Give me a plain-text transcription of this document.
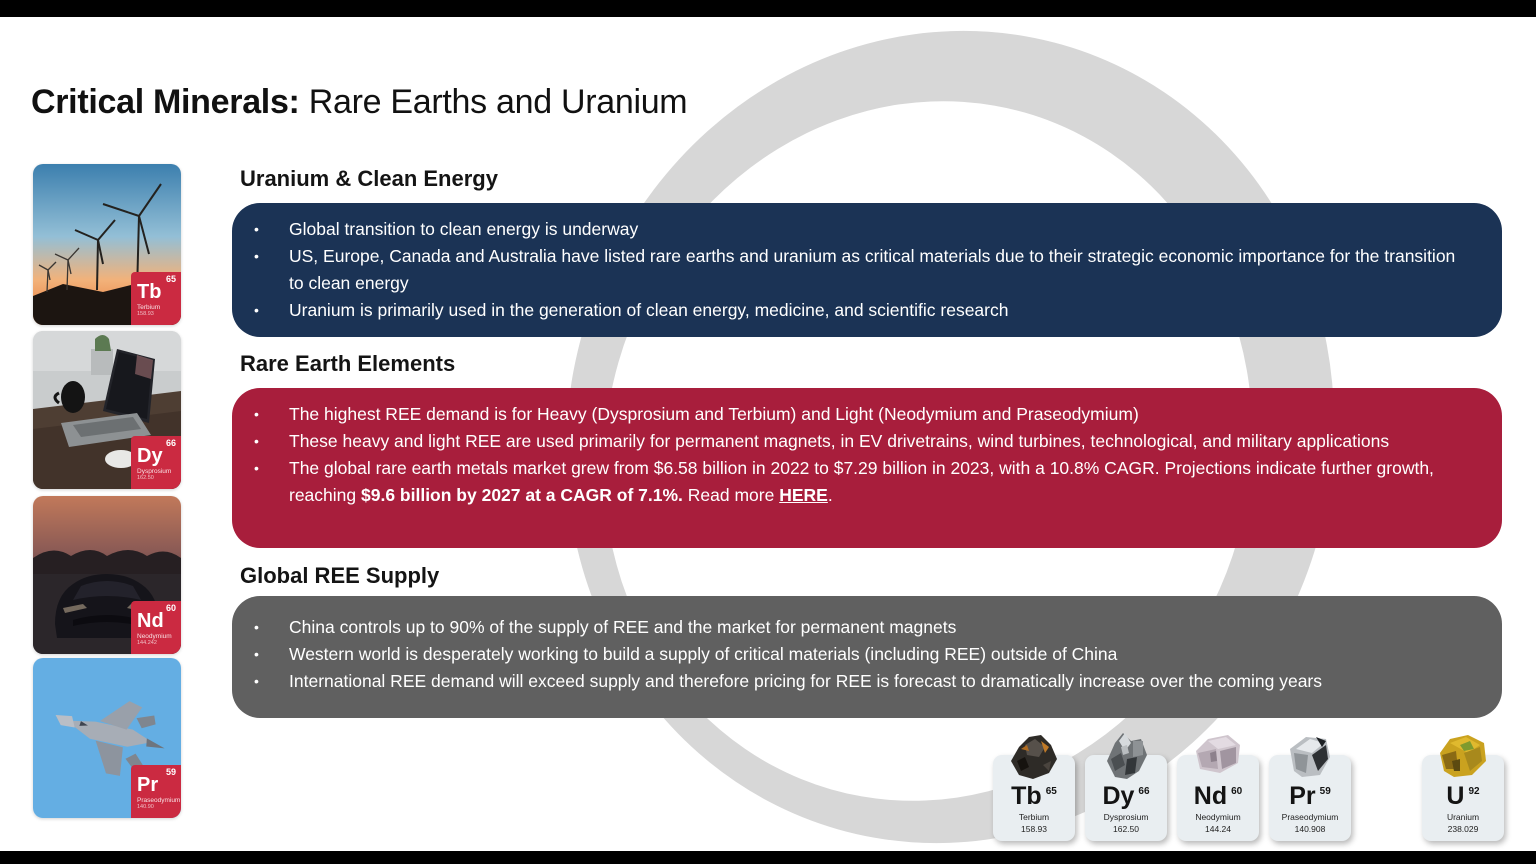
Critical Minerals: Rare Earths and Uranium
65
Tb
Terbium
158.93
66
Dy
Dysprosium
162.50
60
Nd
Neodymium
144.242
59
Pr
Praseodymium
140.90
Uranium & Clean Energy
• Global transition to clean energy is underway
• US, Europe, Canada and Australia have listed rare earths and uranium as critical materials due to their strategic economic importance for the transition to clean energy
• Uranium is primarily used in the generation of clean energy, medicine, and scientific research
Rare Earth Elements
• The highest REE demand is for Heavy (Dysprosium and Terbium) and Light (Neodymium and Praseodymium)
• These heavy and light REE are used primarily for permanent magnets, in EV drivetrains, wind turbines, technological, and military applications
• The global rare earth metals market grew from $6.58 billion in 2022 to $7.29 billion in 2023, with a 10.8% CAGR. Projections indicate further growth, reaching $9.6 billion by 2027 at a CAGR of 7.1%. Read more HERE.
Global REE Supply
• China controls up to 90% of the supply of REE and the market for permanent magnets
• Western world is desperately working to build a supply of critical materials (including REE) outside of China
• International REE demand will exceed supply and therefore pricing for REE is forecast to dramatically increase over the coming years
Tb $^{65}$
Terbium
158.93
Dy $^{66}$
Dysprosium
162.50
Nd $^{60}$
Neodymium
144.24
Pr $^{59}$
Praseodymium
140.908
U $^{92}$
Uranium
238.029
